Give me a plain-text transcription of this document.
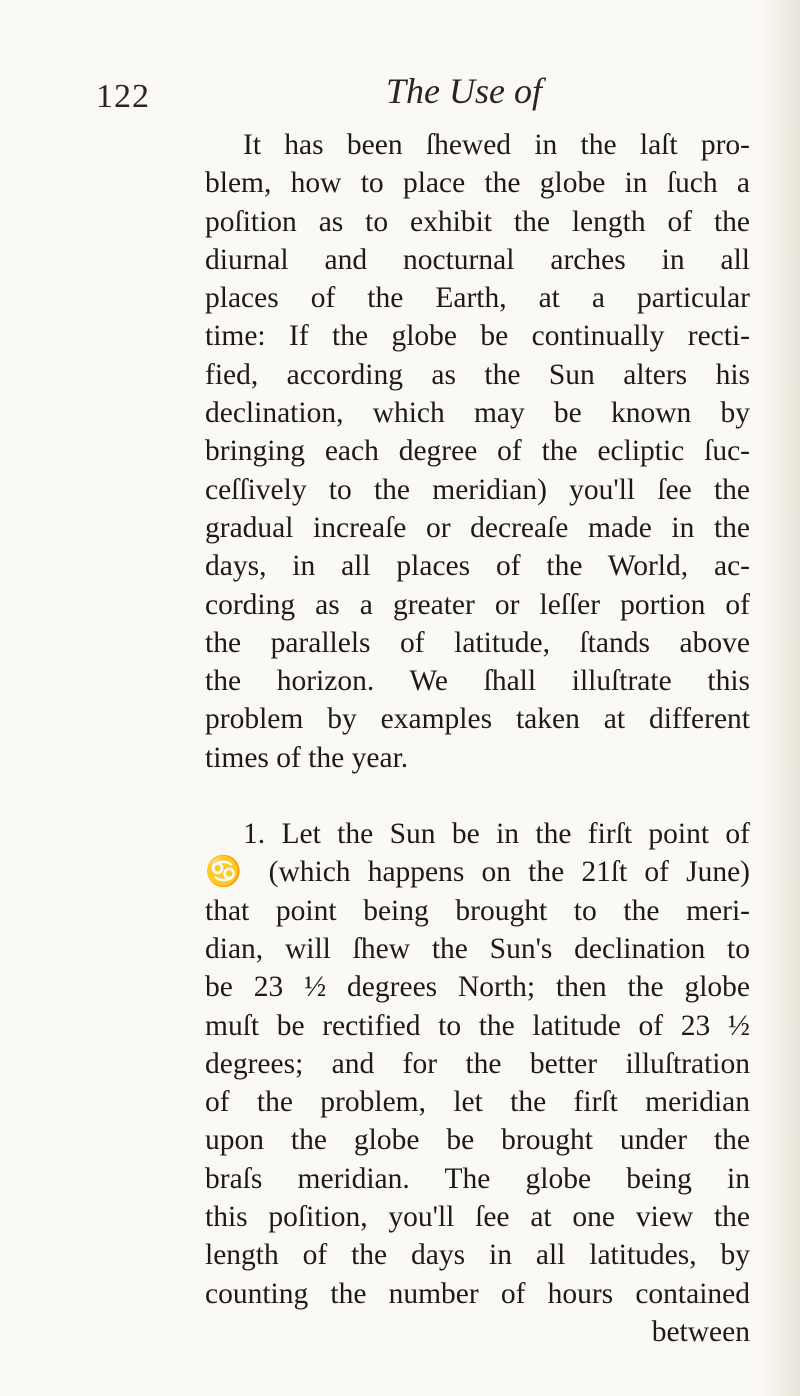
122	The Use of
It has been ſhewed in the laſt pro-
blem, how to place the globe in ſuch a
poſition as to exhibit the length of the
diurnal and nocturnal arches in all
places of the Earth, at a particular
time: If the globe be continually recti-
fied, according as the Sun alters his
declination, which may be known by
bringing each degree of the ecliptic ſuc-
ceſſively to the meridian) you'll ſee the
gradual increaſe or decreaſe made in the
days, in all places of the World, ac-
cording as a greater or leſſer portion of
the parallels of latitude, ſtands above
the horizon. We ſhall illuſtrate this
problem by examples taken at different
times of the year.
1. Let the Sun be in the firſt point of
♋ (which happens on the 21ſt of June)
that point being brought to the meri-
dian, will ſhew the Sun's declination to
be 23 ½ degrees North; then the globe
muſt be rectified to the latitude of 23 ½
degrees; and for the better illuſtration
of the problem, let the firſt meridian
upon the globe be brought under the
braſs meridian. The globe being in
this poſition, you'll ſee at one view the
length of the days in all latitudes, by
counting the number of hours contained
between
